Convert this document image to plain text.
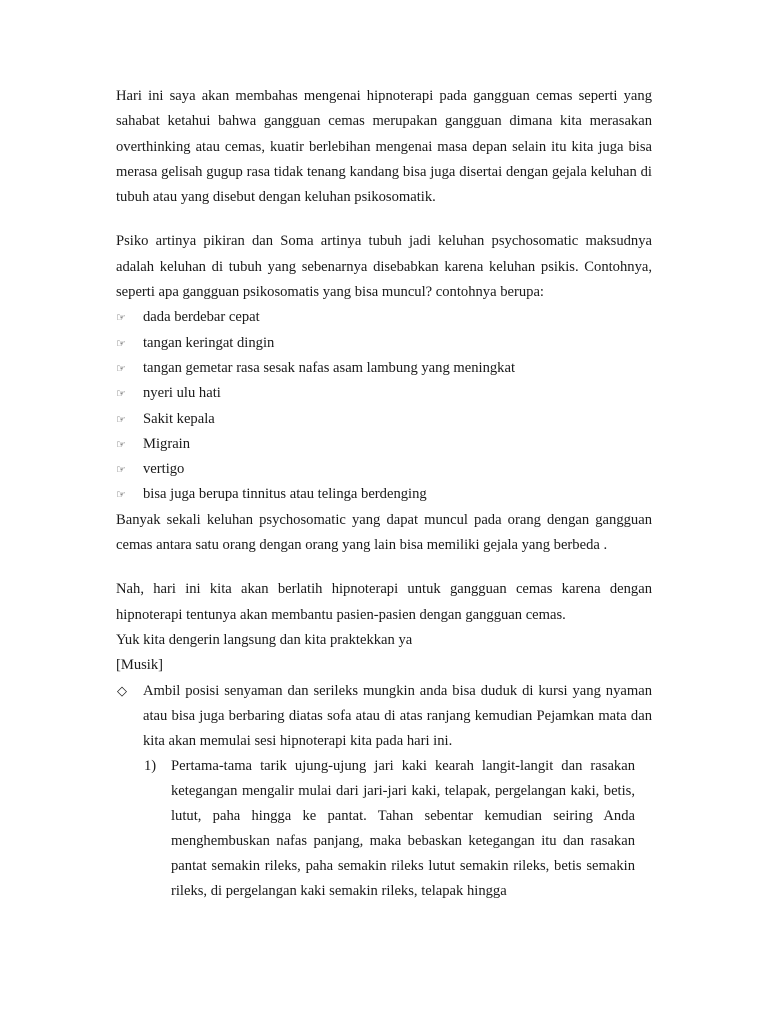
Hari ini saya akan membahas mengenai hipnoterapi pada gangguan cemas seperti yang sahabat ketahui bahwa gangguan cemas merupakan gangguan dimana kita merasakan overthinking atau cemas, kuatir berlebihan mengenai masa depan selain itu kita juga bisa merasa gelisah gugup rasa tidak tenang kandang bisa juga disertai dengan gejala keluhan di tubuh atau yang disebut dengan keluhan psikosomatik.

Psiko artinya pikiran dan Soma artinya tubuh jadi keluhan psychosomatic maksudnya adalah keluhan di tubuh yang sebenarnya disebabkan karena keluhan psikis. Contohnya, seperti apa gangguan psikosomatis yang bisa muncul? contohnya berupa:

☞	dada berdebar cepat
☞	tangan keringat dingin
☞	tangan gemetar rasa sesak nafas asam lambung yang meningkat
☞	nyeri ulu hati
☞	Sakit kepala
☞	Migrain
☞	vertigo
☞	bisa juga berupa tinnitus atau telinga berdenging

Banyak sekali keluhan psychosomatic yang dapat muncul pada orang dengan gangguan cemas antara satu orang dengan orang yang lain bisa memiliki gejala yang berbeda .

Nah, hari ini kita akan berlatih hipnoterapi untuk gangguan cemas karena dengan hipnoterapi tentunya akan membantu pasien-pasien dengan gangguan cemas.

Yuk kita dengerin langsung dan kita praktekkan ya

[Musik]

◇ Ambil posisi senyaman dan serileks mungkin anda bisa duduk di kursi yang nyaman atau bisa juga berbaring diatas sofa atau di atas ranjang kemudian Pejamkan mata dan kita akan memulai sesi hipnoterapi kita pada hari ini.
1) Pertama-tama tarik ujung-ujung jari kaki kearah langit-langit dan rasakan ketegangan mengalir mulai dari jari-jari kaki, telapak, pergelangan kaki, betis, lutut, paha hingga ke pantat. Tahan sebentar kemudian seiring Anda menghembuskan nafas panjang, maka bebaskan ketegangan itu dan rasakan pantat semakin rileks, paha semakin rileks lutut semakin rileks, betis semakin rileks, di pergelangan kaki semakin rileks, telapak hingga
